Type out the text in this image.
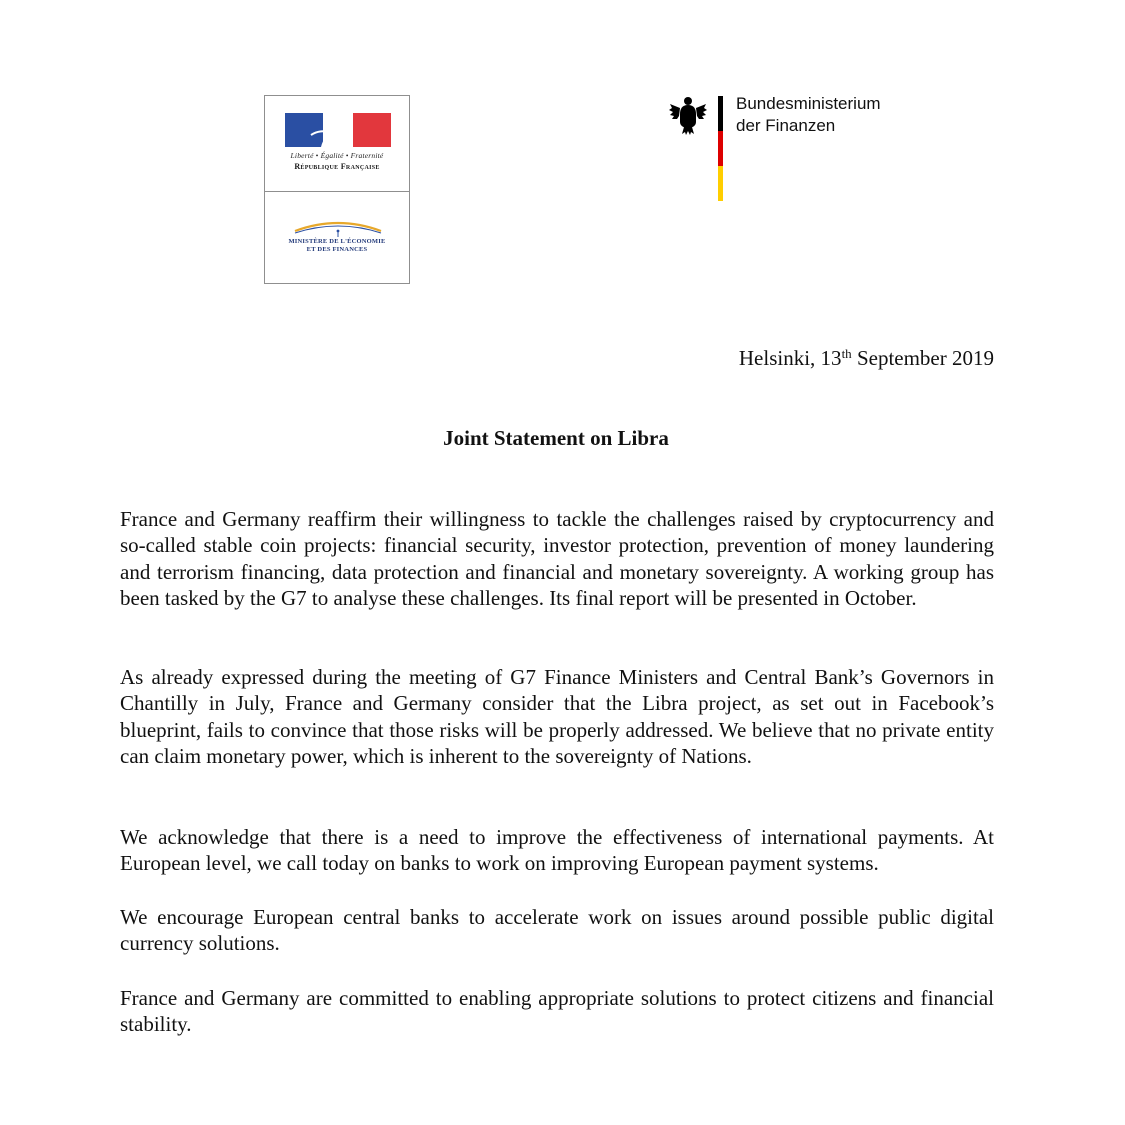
Liberté • Égalité • Fraternité
République Française
MINISTÈRE DE L'ÉCONOMIE
ET DES FINANCES
Bundesministerium
der Finanzen
Helsinki, 13th September 2019
Joint Statement on Libra

France and Germany reaffirm their willingness to tackle the challenges raised by cryptocurrency and so-called stable coin projects: financial security, investor protection, prevention of money laundering and terrorism financing, data protection and financial and monetary sovereignty. A working group has been tasked by the G7 to analyse these challenges. Its final report will be presented in October.

As already expressed during the meeting of G7 Finance Ministers and Central Bank’s Governors in Chantilly in July, France and Germany consider that the Libra project, as set out in Facebook’s blueprint, fails to convince that those risks will be properly addressed. We believe that no private entity can claim monetary power, which is inherent to the sovereignty of Nations.

We acknowledge that there is a need to improve the effectiveness of international payments. At European level, we call today on banks to work on improving European payment systems.

We encourage European central banks to accelerate work on issues around possible public digital currency solutions.

France and Germany are committed to enabling appropriate solutions to protect citizens and financial stability.
